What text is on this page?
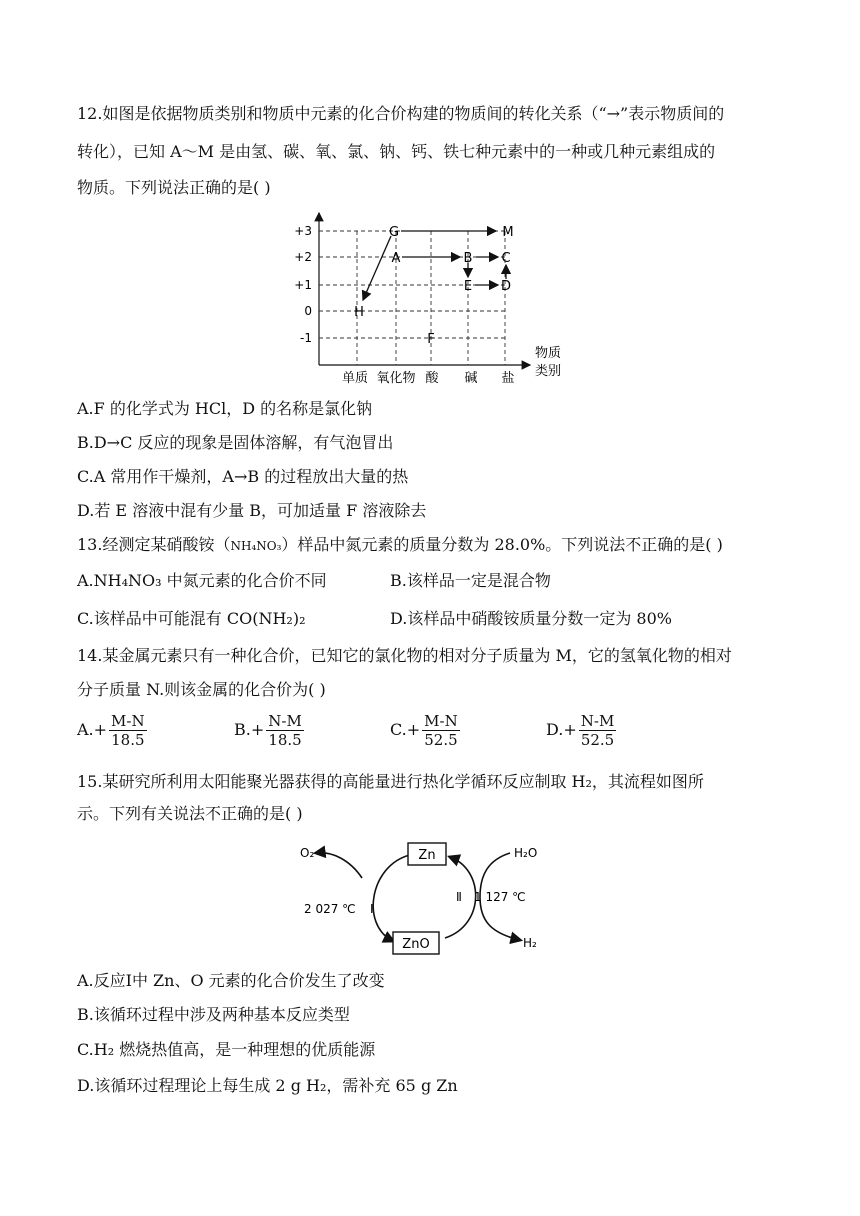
12.如图是依据物质类别和物质中元素的化合价构建的物质间的转化关系（“→”表示物质间的
转化），已知 A～M 是由氢、碳、氧、氯、钠、钙、铁七种元素中的一种或几种元素组成的
物质。下列说法正确的是( )
+3
+2
+1
0
-1
单质 氧化物 酸 碱 盐
物质
类别
G	M
A	B C
E D
H
F
A.F 的化学式为 HCl，D 的名称是氯化钠
B.D→C 反应的现象是固体溶解，有气泡冒出
C.A 常用作干燥剂，A→B 的过程放出大量的热
D.若 E 溶液中混有少量 B，可加适量 F 溶液除去
13.经测定某硝酸铵（NH₄NO₃）样品中氮元素的质量分数为 28.0%。下列说法不正确的是( )
A.NH₄NO₃ 中氮元素的化合价不同	B.该样品一定是混合物
C.该样品中可能混有 CO(NH₂)₂	D.该样品中硝酸铵质量分数一定为 80%
14.某金属元素只有一种化合价，已知它的氯化物的相对分子质量为 M，它的氢氧化物的相对
分子质量 N.则该金属的化合价为( )
$A.+ \frac{M-N}{18.5}$	$B.+ \frac{N-M}{18.5}$	$C.+ \frac{M-N}{52.5}$	$D.+ \frac{N-M}{52.5}$
15.某研究所利用太阳能聚光器获得的高能量进行热化学循环反应制取 H₂，其流程如图所
示。下列有关说法不正确的是( )
Zn
ZnO
O₂	H₂O
H₂
2 027 ℃ Ⅰ
Ⅱ 1 127 ℃
A.反应Ⅰ中 Zn、O 元素的化合价发生了改变
B.该循环过程中涉及两种基本反应类型
C.H₂ 燃烧热值高，是一种理想的优质能源
D.该循环过程理论上每生成 2 g H₂，需补充 65 g Zn
